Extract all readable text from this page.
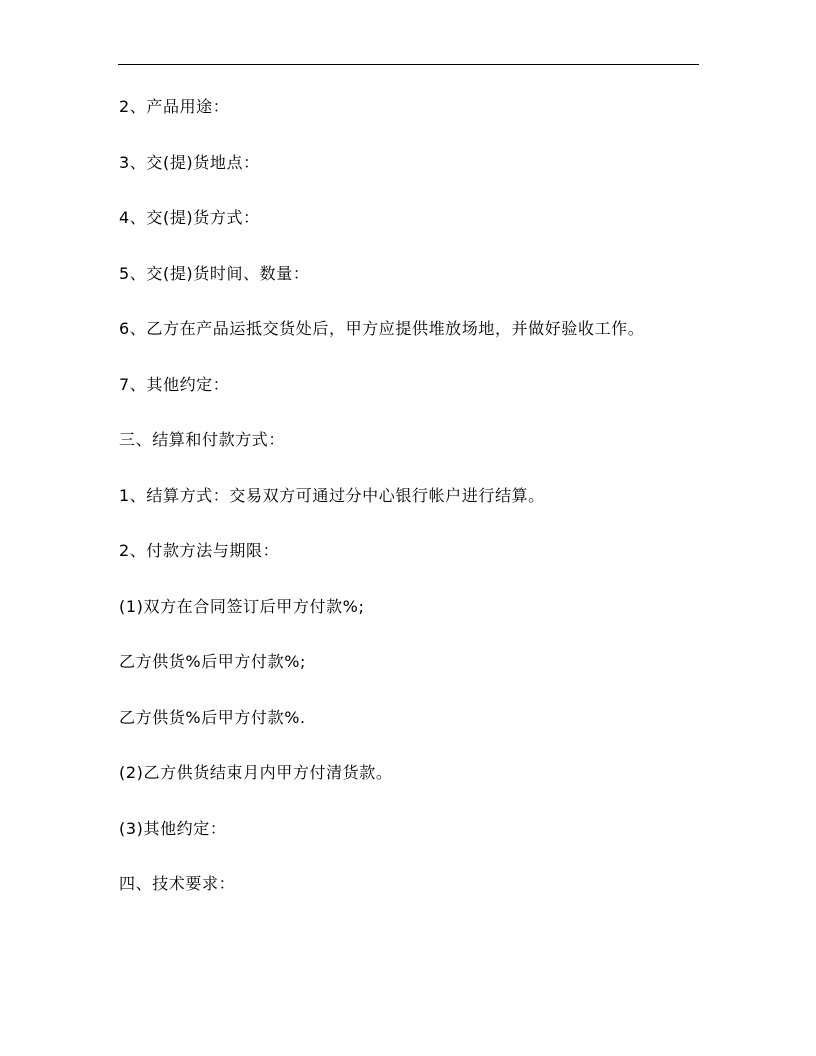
2、产品用途：
3、交(提)货地点：
4、交(提)货方式：
5、交(提)货时间、数量：
6、乙方在产品运抵交货处后，甲方应提供堆放场地，并做好验收工作。
7、其他约定：
三、结算和付款方式：
1、结算方式：交易双方可通过分中心银行帐户进行结算。
2、付款方法与期限：
(1)双方在合同签订后甲方付款%;
乙方供货%后甲方付款%;
乙方供货%后甲方付款%.
(2)乙方供货结束月内甲方付清货款。
(3)其他约定：
四、技术要求：
